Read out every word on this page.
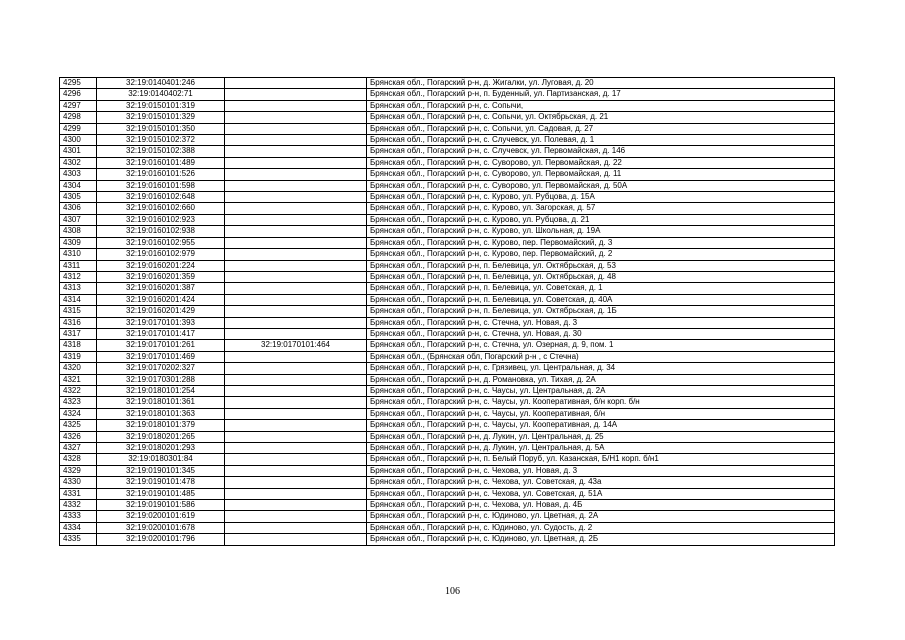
4295	32:19:0140401:246		Брянская обл., Погарский р-н, д. Жигалки, ул. Луговая, д. 20
4296	32:19:0140402:71		Брянская обл., Погарский р-н, п. Буденный, ул. Партизанская, д. 17
4297	32:19:0150101:319		Брянская обл., Погарский р-н, с. Сопычи,
4298	32:19:0150101:329		Брянская обл., Погарский р-н, с. Сопычи, ул. Октябрьская, д. 21
4299	32:19:0150101:350		Брянская обл., Погарский р-н, с. Сопычи, ул. Садовая, д. 27
4300	32:19:0150102:372		Брянская обл., Погарский р-н, с. Случевск, ул. Полевая, д. 1
4301	32:19:0150102:388		Брянская обл., Погарский р-н, с. Случевск, ул. Первомайская, д. 146
4302	32:19:0160101:489		Брянская обл., Погарский р-н, с. Суворово, ул. Первомайская, д. 22
4303	32:19:0160101:526		Брянская обл., Погарский р-н, с. Суворово, ул. Первомайская, д. 11
4304	32:19:0160101:598		Брянская обл., Погарский р-н, с. Суворово, ул. Первомайская, д. 50А
4305	32:19:0160102:648		Брянская обл., Погарский р-н, с. Курово, ул. Рубцова, д. 15А
4306	32:19:0160102:660		Брянская обл., Погарский р-н, с. Курово, ул. Загорская, д. 57
4307	32:19:0160102:923		Брянская обл., Погарский р-н, с. Курово, ул. Рубцова, д. 21
4308	32:19:0160102:938		Брянская обл., Погарский р-н, с. Курово, ул. Школьная, д. 19А
4309	32:19:0160102:955		Брянская обл., Погарский р-н, с. Курово, пер. Первомайский, д. 3
4310	32:19:0160102:979		Брянская обл., Погарский р-н, с. Курово, пер. Первомайский, д. 2
4311	32:19:0160201:224		Брянская обл., Погарский р-н, п. Белевица, ул. Октябрьская, д. 53
4312	32:19:0160201:359		Брянская обл., Погарский р-н, п. Белевица, ул. Октябрьская, д. 48
4313	32:19:0160201:387		Брянская обл., Погарский р-н, п. Белевица, ул. Советская, д. 1
4314	32:19:0160201:424		Брянская обл., Погарский р-н, п. Белевица, ул. Советская, д. 40А
4315	32:19:0160201:429		Брянская обл., Погарский р-н, п. Белевица, ул. Октябрьская, д. 1Б
4316	32:19:0170101:393		Брянская обл., Погарский р-н, с. Стечна, ул. Новая, д. 3
4317	32:19:0170101:417		Брянская обл., Погарский р-н, с. Стечна, ул. Новая, д. 30
4318	32:19:0170101:261	32:19:0170101:464	Брянская обл., Погарский р-н, с. Стечна, ул. Озерная, д. 9, пом. 1
4319	32:19:0170101:469		Брянская обл., (Брянская обл, Погарский р-н , с Стечна)
4320	32:19:0170202:327		Брянская обл., Погарский р-н, с. Грязивец, ул. Центральная, д. 34
4321	32:19:0170301:288		Брянская обл., Погарский р-н, д. Романовка, ул. Тихая, д. 2А
4322	32:19:0180101:254		Брянская обл., Погарский р-н, с. Чаусы, ул. Центральная, д. 2А
4323	32:19:0180101:361		Брянская обл., Погарский р-н, с. Чаусы, ул. Кооперативная, б/н корп. б/н
4324	32:19:0180101:363		Брянская обл., Погарский р-н, с. Чаусы, ул. Кооперативная, б/н
4325	32:19:0180101:379		Брянская обл., Погарский р-н, с. Чаусы, ул. Кооперативная, д. 14А
4326	32:19:0180201:265		Брянская обл., Погарский р-н, д. Лукин, ул. Центральная, д. 25
4327	32:19:0180201:293		Брянская обл., Погарский р-н, д. Лукин, ул. Центральная, д. 5А
4328	32:19:0180301:84		Брянская обл., Погарский р-н, п. Белый Поруб, ул. Казанская, Б/Н1 корп. б/н1
4329	32:19:0190101:345		Брянская обл., Погарский р-н, с. Чехова, ул. Новая, д. 3
4330	32:19:0190101:478		Брянская обл., Погарский р-н, с. Чехова, ул. Советская, д. 43а
4331	32:19:0190101:485		Брянская обл., Погарский р-н, с. Чехова, ул. Советская, д. 51А
4332	32:19:0190101:586		Брянская обл., Погарский р-н, с. Чехова, ул. Новая, д. 4Б
4333	32:19:0200101:619		Брянская обл., Погарский р-н, с. Юдиново, ул. Цветная, д. 2А
4334	32:19:0200101:678		Брянская обл., Погарский р-н, с. Юдиново, ул. Судость, д. 2
4335	32:19:0200101:796		Брянская обл., Погарский р-н, с. Юдиново, ул. Цветная, д. 2Б
106
